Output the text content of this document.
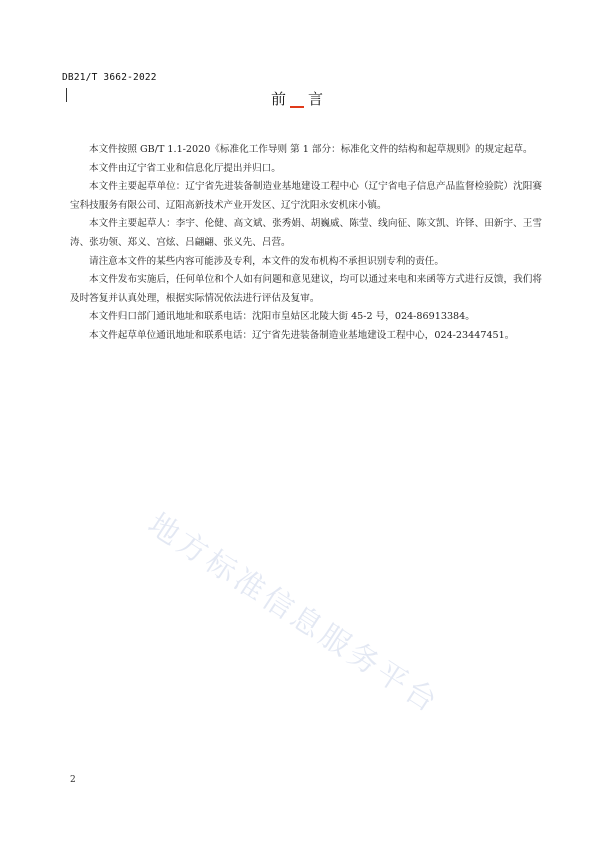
DB21/T 3662-2022
前 言

本文件按照 GB/T 1.1-2020《标准化工作导则 第 1 部分：标准化文件的结构和起草规则》的规定起草。

本文件由辽宁省工业和信息化厅提出并归口。

本文件主要起草单位：辽宁省先进装备制造业基地建设工程中心（辽宁省电子信息产品监督检验院）沈阳赛宝科技服务有限公司、辽阳高新技术产业开发区、辽宁沈阳永安机床小镇。

本文件主要起草人：李宇、伦健、高文斌、张秀娟、胡巍威、陈莹、线向征、陈文凯、许铎、田新宇、王雪涛、张功领、郑义、宫炫、吕翩翩、张义先、吕营。

请注意本文件的某些内容可能涉及专利，本文件的发布机构不承担识别专利的责任。

本文件发布实施后，任何单位和个人如有问题和意见建议，均可以通过来电和来函等方式进行反馈，我们将及时答复并认真处理，根据实际情况依法进行评估及复审。

本文件归口部门通讯地址和联系电话：沈阳市皇姑区北陵大街 45-2 号，024-86913384。

本文件起草单位通讯地址和联系电话：辽宁省先进装备制造业基地建设工程中心，024-23447451。

地方标准信息服务平台
2
